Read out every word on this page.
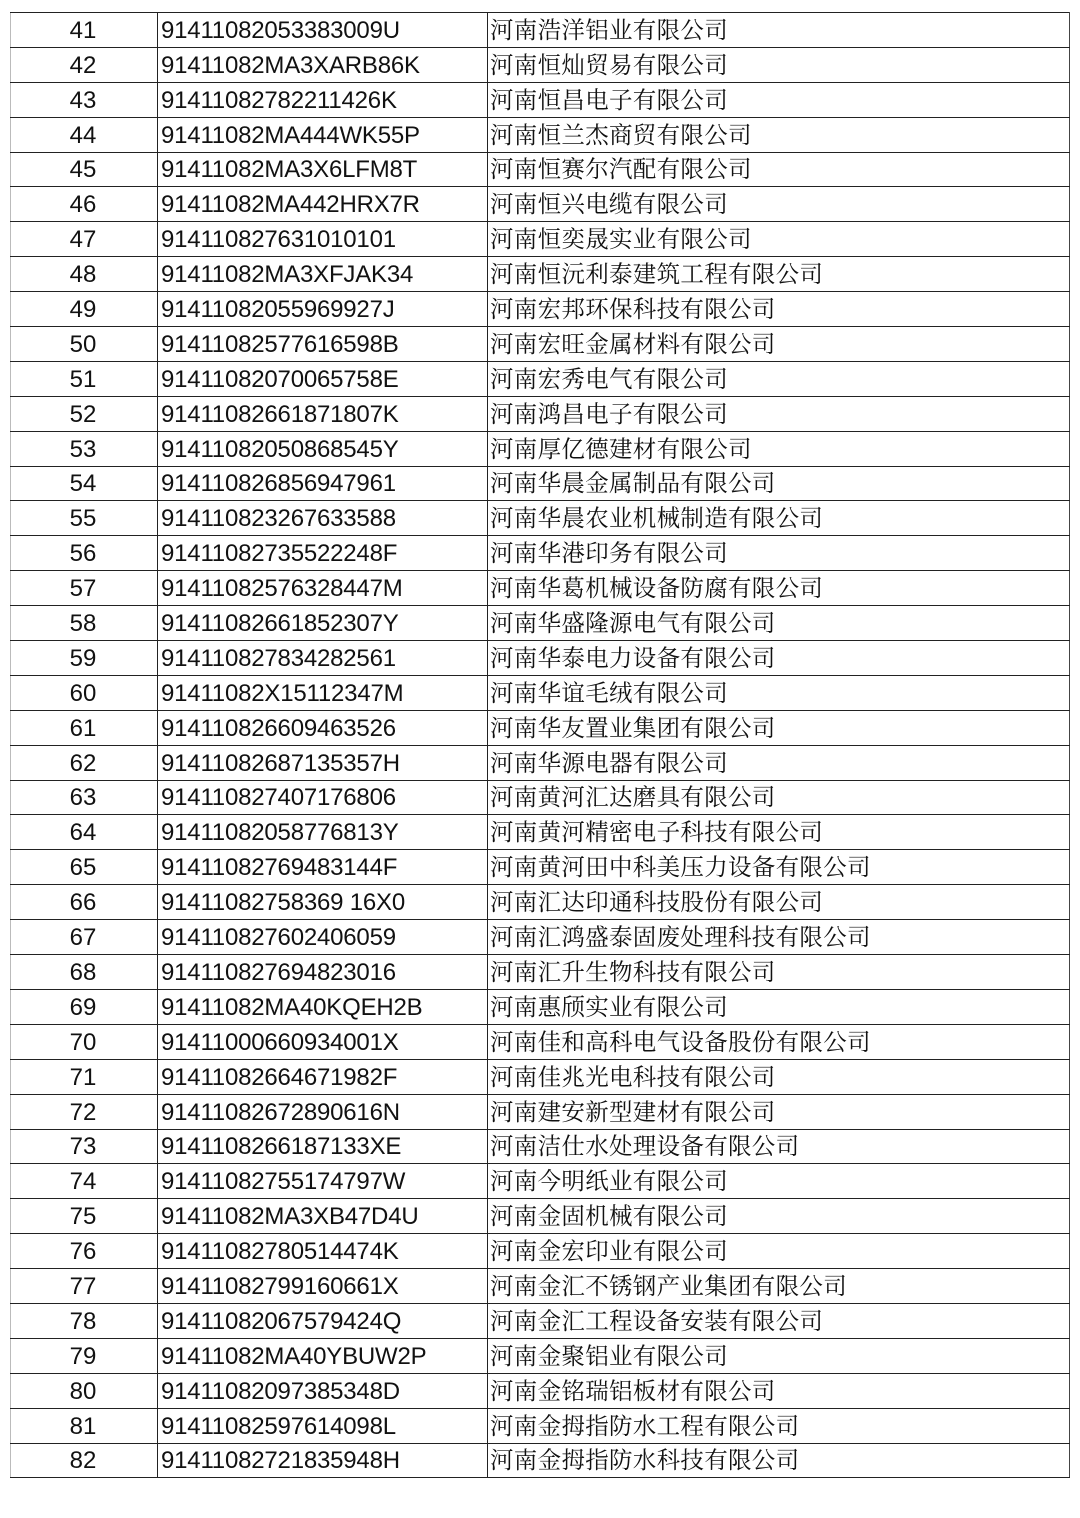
41	91411082053383009U	河南浩洋铝业有限公司
42	91411082MA3XARB86K	河南恒灿贸易有限公司
43	91411082782211426K	河南恒昌电子有限公司
44	91411082MA444WK55P	河南恒兰杰商贸有限公司
45	91411082MA3X6LFM8T	河南恒赛尔汽配有限公司
46	91411082MA442HRX7R	河南恒兴电缆有限公司
47	914110827631010101	河南恒奕晟实业有限公司
48	91411082MA3XFJAK34	河南恒沅利泰建筑工程有限公司
49	91411082055969927J	河南宏邦环保科技有限公司
50	91411082577616598B	河南宏旺金属材料有限公司
51	91411082070065758E	河南宏秀电气有限公司
52	91411082661871807K	河南鸿昌电子有限公司
53	91411082050868545Y	河南厚亿德建材有限公司
54	914110826856947961	河南华晨金属制品有限公司
55	914110823267633588	河南华晨农业机械制造有限公司
56	91411082735522248F	河南华港印务有限公司
57	91411082576328447M	河南华葛机械设备防腐有限公司
58	91411082661852307Y	河南华盛隆源电气有限公司
59	914110827834282561	河南华泰电力设备有限公司
60	91411082X15112347M	河南华谊毛绒有限公司
61	914110826609463526	河南华友置业集团有限公司
62	91411082687135357H	河南华源电器有限公司
63	914110827407176806	河南黄河汇达磨具有限公司
64	91411082058776813Y	河南黄河精密电子科技有限公司
65	91411082769483144F	河南黄河田中科美压力设备有限公司
66	91411082758369 16X0	河南汇达印通科技股份有限公司
67	914110827602406059	河南汇鸿盛泰固废处理科技有限公司
68	914110827694823016	河南汇升生物科技有限公司
69	91411082MA40KQEH2B	河南惠颀实业有限公司
70	91411000660934001X	河南佳和高科电气设备股份有限公司
71	91411082664671982F	河南佳兆光电科技有限公司
72	91411082672890616N	河南建安新型建材有限公司
73	9141108266187133XE	河南洁仕水处理设备有限公司
74	91411082755174797W	河南今明纸业有限公司
75	91411082MA3XB47D4U	河南金固机械有限公司
76	91411082780514474K	河南金宏印业有限公司
77	91411082799160661X	河南金汇不锈钢产业集团有限公司
78	91411082067579424Q	河南金汇工程设备安装有限公司
79	91411082MA40YBUW2P	河南金聚铝业有限公司
80	91411082097385348D	河南金铭瑞铝板材有限公司
81	91411082597614098L	河南金拇指防水工程有限公司
82	91411082721835948H	河南金拇指防水科技有限公司
